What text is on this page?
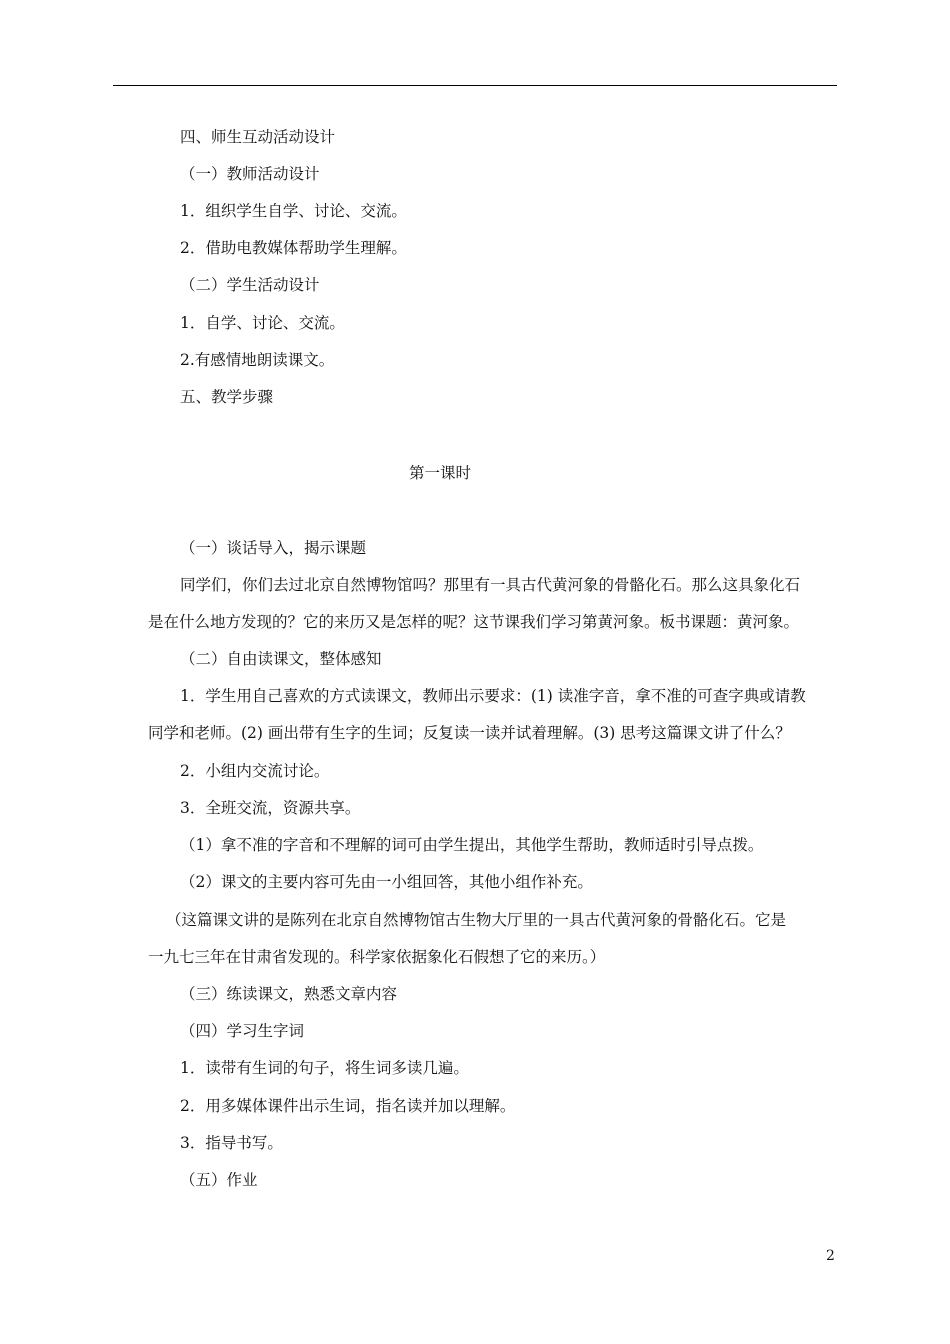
四、师生互动活动设计
（一）教师活动设计
1．组织学生自学、讨论、交流。
2．借助电教媒体帮助学生理解。
（二）学生活动设计
1．自学、讨论、交流。
2.有感情地朗读课文。
五、教学步骤
第一课时
（一）谈话导入，揭示课题
同学们，你们去过北京自然博物馆吗？那里有一具古代黄河象的骨骼化石。那么这具象化石
是在什么地方发现的？它的来历又是怎样的呢？这节课我们学习第黄河象。板书课题：黄河象。
（二）自由读课文，整体感知
1．学生用自己喜欢的方式读课文，教师出示要求：(1) 读准字音，拿不准的可查字典或请教
同学和老师。(2) 画出带有生字的生词；反复读一读并试着理解。(3) 思考这篇课文讲了什么？
2．小组内交流讨论。
3．全班交流，资源共享。
（1）拿不准的字音和不理解的词可由学生提出，其他学生帮助，教师适时引导点拨。
（2）课文的主要内容可先由一小组回答，其他小组作补充。
（这篇课文讲的是陈列在北京自然博物馆古生物大厅里的一具古代黄河象的骨骼化石。它是
一九七三年在甘肃省发现的。科学家依据象化石假想了它的来历。）
（三）练读课文，熟悉文章内容
（四）学习生字词
1．读带有生词的句子，将生词多读几遍。
2．用多媒体课件出示生词，指名读并加以理解。
3．指导书写。
（五）作业
2
